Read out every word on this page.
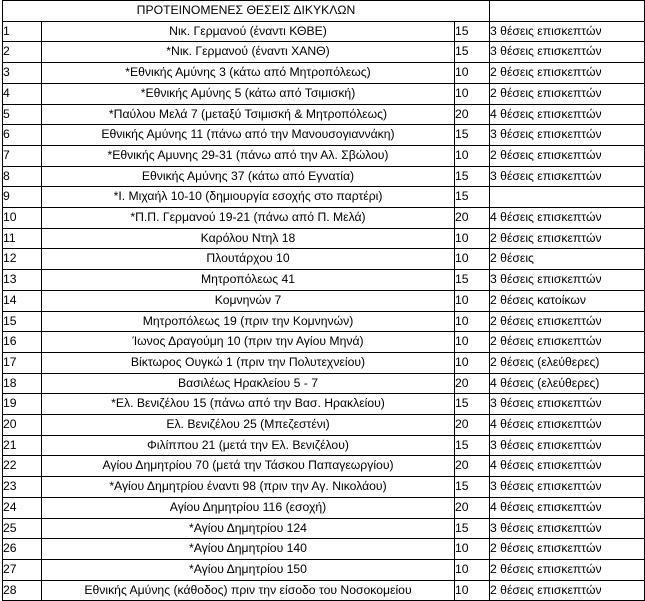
ΠΡΟΤΕΙΝΟΜΕΝΕΣ ΘΕΣΕΙΣ ΔΙΚΥΚΛΩΝ			
1	Νικ. Γερμανού (έναντι ΚΘΒΕ)	15	3 θέσεις επισκεπτών
2	*Νικ. Γερμανού (έναντι ΧΑΝΘ)	15	3 θέσεις επισκεπτών
3	*Εθνικής Αμύνης 3 (κάτω από Μητροπόλεως)	10	2 θέσεις επισκεπτών
4	*Εθνικής Αμύνης 5 (κάτω από Τσιμισκή)	10	2 θέσεις επισκεπτών
5	*Παύλου Μελά 7 (μεταξύ Τσιμισκή & Μητροπόλεως)	20	4 θέσεις επισκεπτών
6	Εθνικής Αμύνης 11 (πάνω από την Μανουσογιαννάκη)	15	3 θέσεις επισκεπτών
7	*Εθνικής Αμυνης 29-31 (πάνω από την Αλ. Σβώλου)	10	2 θέσεις επισκεπτών
8	Εθνικής Αμύνης 37 (κάτω από Εγνατία)	15	3 θέσεις επισκεπτών
9	*Ι. Μιχαήλ 10-10 (δημιουργία εσοχής στο παρτέρι)	15	
10	*Π.Π. Γερμανού 19-21 (πάνω από Π. Μελά)	20	4 θέσεις επισκεπτών
11	Καρόλου Ντηλ 18	10	2 θέσεις επισκεπτών
12	Πλουτάρχου 10	10	2 θέσεις
13	Μητροπόλεως 41	15	3 θέσεις επισκεπτών
14	Κομνηνών 7	10	2 θέσεις κατοίκων
15	Μητροπόλεως 19 (πριν την Κομνηνών)	10	2 θέσεις επισκεπτών
16	Ίωνος Δραγούμη 10 (πριν την Αγίου Μηνά)	10	2 θέσεις επισκεπτών
17	Βίκτωρος Ουγκώ 1 (πριν την Πολυτεχνείου)	10	2 θέσεις (ελεύθερες)
18	Βασιλέως Ηρακλείου 5 - 7	20	4 θέσεις (ελεύθερες)
19	*Ελ. Βενιζέλου 15 (πάνω από την Βασ. Ηρακλείου)	15	3 θέσεις επισκεπτών
20	Ελ. Βενιζέλου 25 (Μπεζεστένι)	20	4 θέσεις επισκεπτών
21	Φιλίππου 21 (μετά την Ελ. Βενιζέλου)	15	3 θέσεις επισκεπτών
22	Αγίου Δημητρίου 70 (μετά την Τάσκου Παπαγεωργίου)	20	4 θέσεις επισκεπτών
23	*Αγίου Δημητρίου έναντι 98 (πριν την Αγ. Νικολάου)	15	3 θέσεις επισκεπτών
24	Αγίου Δημητρίου 116 (εσοχή)	20	4 θέσεις επισκεπτών
25	*Αγίου Δημητρίου 124	15	3 θέσεις επισκεπτών
26	*Αγίου Δημητρίου 140	10	2 θέσεις επισκεπτών
27	*Αγίου Δημητρίου 150	10	2 θέσεις επισκεπτών
28	Εθνικής Αμύνης (κάθοδος) πριν την είσοδο του Νοσοκομείου	10	2 θέσεις επισκεπτών
